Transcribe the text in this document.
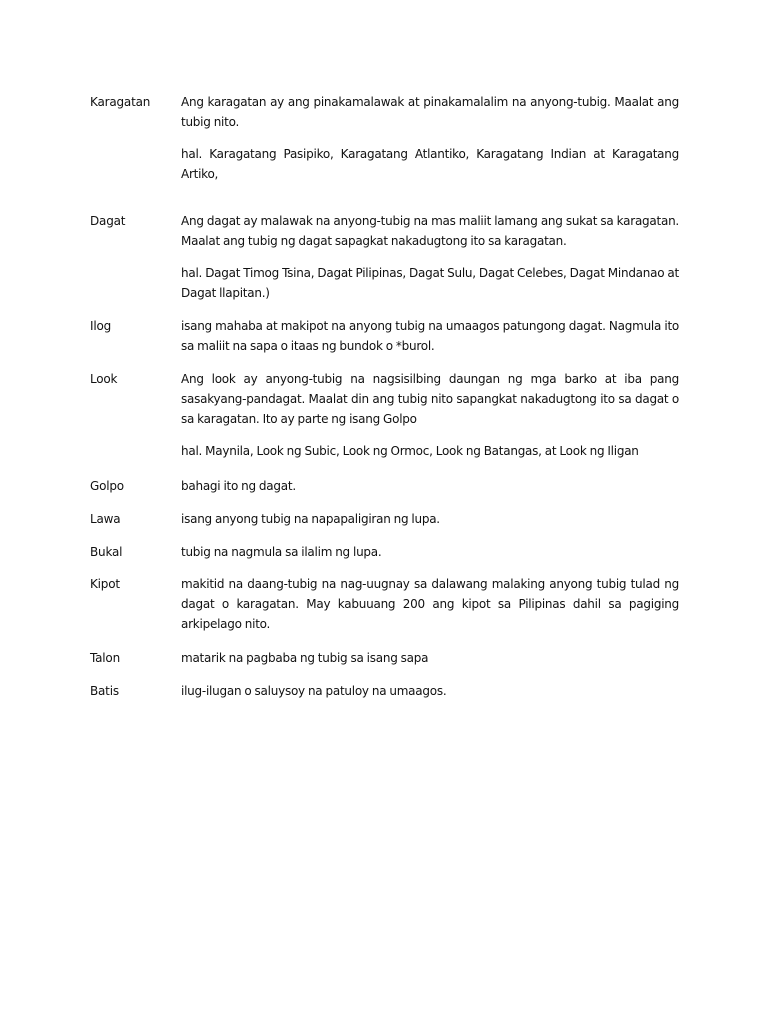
Karagatan	Ang karagatan ay ang pinakamalawak at pinakamalalim na anyong-tubig. Maalat ang tubig nito.

hal. Karagatang Pasipiko, Karagatang Atlantiko, Karagatang Indian at Karagatang Artiko,

Dagat	Ang dagat ay malawak na anyong-tubig na mas maliit lamang ang sukat sa karagatan. Maalat ang tubig ng dagat sapagkat nakadugtong ito sa karagatan.

hal. Dagat Timog Tsina, Dagat Pilipinas, Dagat Sulu, Dagat Celebes, Dagat Mindanao at Dagat llapitan.)

Ilog	isang mahaba at makipot na anyong tubig na umaagos patungong dagat. Nagmula ito sa maliit na sapa o itaas ng bundok o *burol.

Look	Ang look ay anyong-tubig na nagsisilbing daungan ng mga barko at iba pang sasakyang-pandagat. Maalat din ang tubig nito sapangkat nakadugtong ito sa dagat o sa karagatan. Ito ay parte ng isang Golpo

hal. Maynila, Look ng Subic, Look ng Ormoc, Look ng Batangas, at Look ng Iligan

Golpo	bahagi ito ng dagat.

Lawa	isang anyong tubig na napapaligiran ng lupa.

Bukal	tubig na nagmula sa ilalim ng lupa.

Kipot	makitid na daang-tubig na nag-uugnay sa dalawang malaking anyong tubig tulad ng dagat o karagatan. May kabuuang 200 ang kipot sa Pilipinas dahil sa pagiging arkipelago nito.

Talon	matarik na pagbaba ng tubig sa isang sapa

Batis	ilug-ilugan o saluysoy na patuloy na umaagos.
